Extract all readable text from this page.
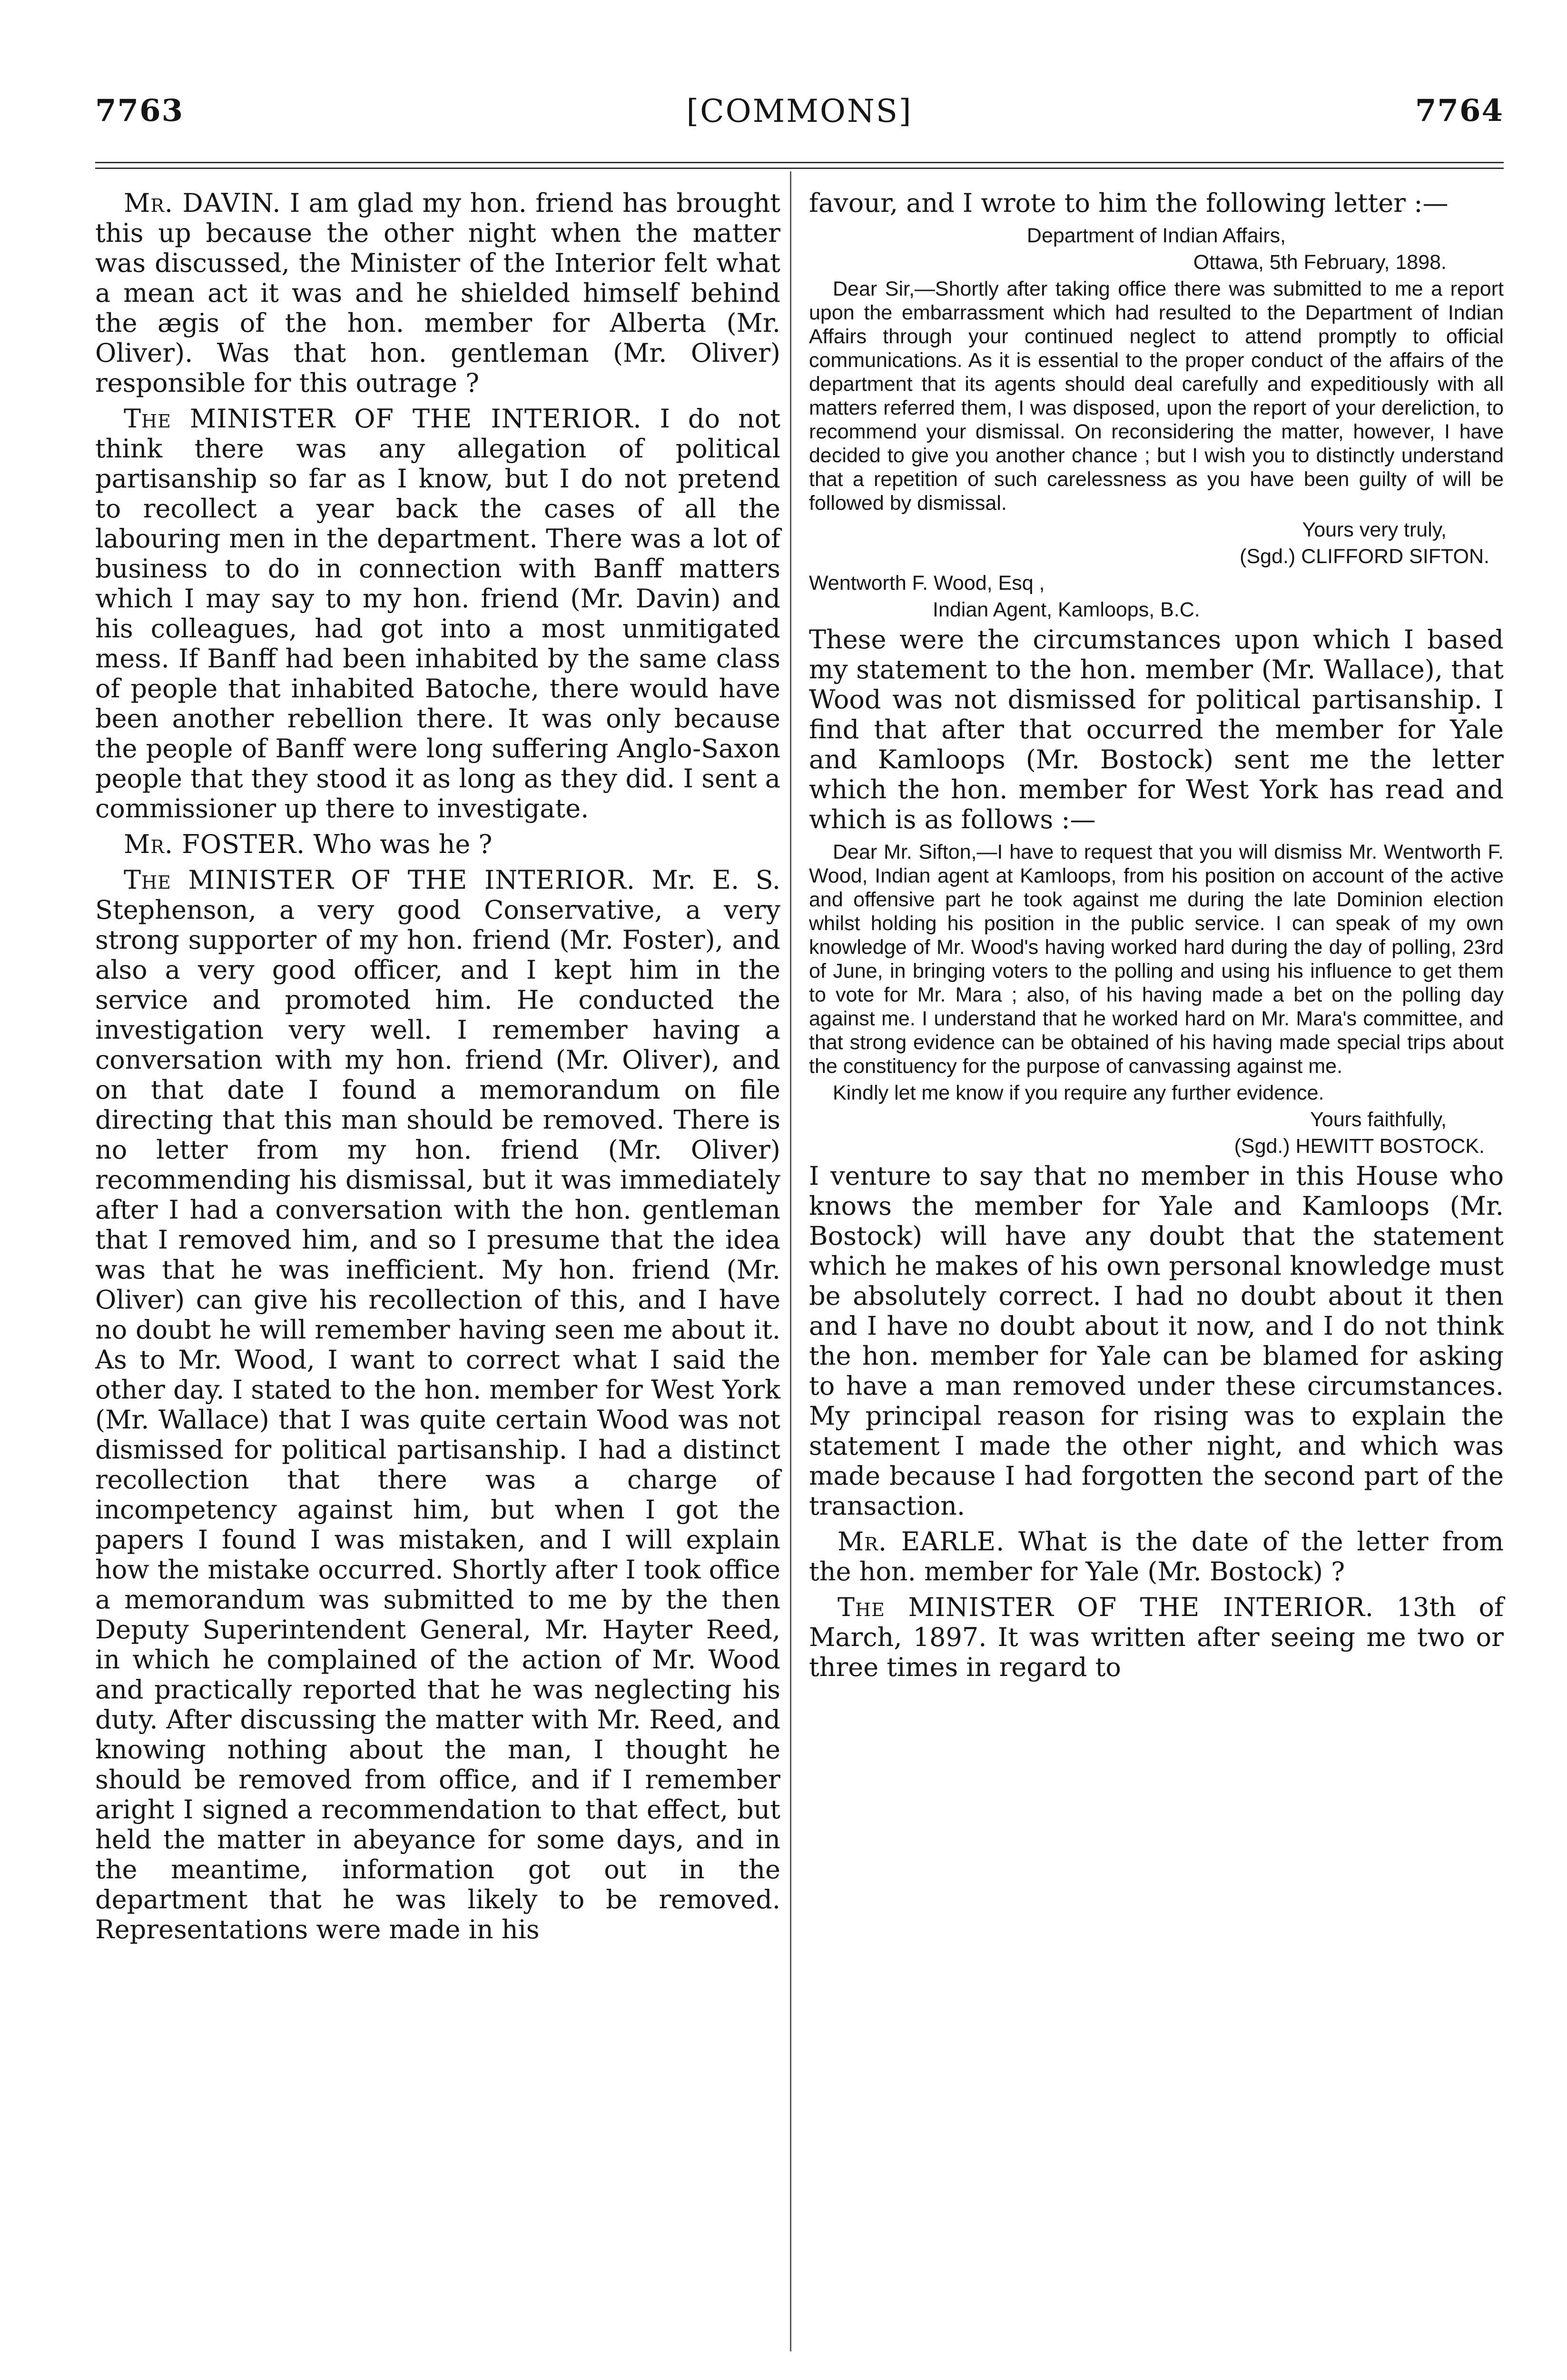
7763	[COMMONS]	7764

Mr. DAVIN. I am glad my hon. friend has brought this up because the other night when the matter was discussed, the Minister of the Interior felt what a mean act it was and he shielded himself behind the ægis of the hon. member for Alberta (Mr. Oliver). Was that hon. gentleman (Mr. Oliver) responsible for this outrage ?

The MINISTER OF THE INTERIOR. I do not think there was any allegation of political partisanship so far as I know, but I do not pretend to recollect a year back the cases of all the labouring men in the department. There was a lot of business to do in connection with Banff matters which I may say to my hon. friend (Mr. Davin) and his colleagues, had got into a most unmitigated mess. If Banff had been inhabited by the same class of people that inhabited Batoche, there would have been another rebellion there. It was only because the people of Banff were long suffering Anglo-Saxon people that they stood it as long as they did. I sent a commissioner up there to investigate.

Mr. FOSTER. Who was he ?

The MINISTER OF THE INTERIOR. Mr. E. S. Stephenson, a very good Conservative, a very strong supporter of my hon. friend (Mr. Foster), and also a very good officer, and I kept him in the service and promoted him. He conducted the investigation very well. I remember having a conversation with my hon. friend (Mr. Oliver), and on that date I found a memorandum on file directing that this man should be removed. There is no letter from my hon. friend (Mr. Oliver) recommending his dismissal, but it was immediately after I had a conversation with the hon. gentleman that I removed him, and so I presume that the idea was that he was inefficient. My hon. friend (Mr. Oliver) can give his recollection of this, and I have no doubt he will remember having seen me about it. As to Mr. Wood, I want to correct what I said the other day. I stated to the hon. member for West York (Mr. Wallace) that I was quite certain Wood was not dismissed for political partisanship. I had a distinct recollection that there was a charge of incompetency against him, but when I got the papers I found I was mistaken, and I will explain how the mistake occurred. Shortly after I took office a memorandum was submitted to me by the then Deputy Superintendent General, Mr. Hayter Reed, in which he complained of the action of Mr. Wood and practically reported that he was neglecting his duty. After discussing the matter with Mr. Reed, and knowing nothing about the man, I thought he should be removed from office, and if I remember aright I signed a recommendation to that effect, but held the matter in abeyance for some days, and in the meantime, information got out in the department that he was likely to be removed. Representations were made in his

favour, and I wrote to him the following letter :—

Department of Indian Affairs,

Ottawa, 5th February, 1898.

Dear Sir,—Shortly after taking office there was submitted to me a report upon the embarrassment which had resulted to the Department of Indian Affairs through your continued neglect to attend promptly to official communications. As it is essential to the proper conduct of the affairs of the department that its agents should deal carefully and expeditiously with all matters referred them, I was disposed, upon the report of your dereliction, to recommend your dismissal. On reconsidering the matter, however, I have decided to give you another chance ; but I wish you to distinctly understand that a repetition of such carelessness as you have been guilty of will be followed by dismissal.

Yours very truly,

(Sgd.) CLIFFORD SIFTON.

Wentworth F. Wood, Esq ,

Indian Agent, Kamloops, B.C.

These were the circumstances upon which I based my statement to the hon. member (Mr. Wallace), that Wood was not dismissed for political partisanship. I find that after that occurred the member for Yale and Kamloops (Mr. Bostock) sent me the letter which the hon. member for West York has read and which is as follows :—

Dear Mr. Sifton,—I have to request that you will dismiss Mr. Wentworth F. Wood, Indian agent at Kamloops, from his position on account of the active and offensive part he took against me during the late Dominion election whilst holding his position in the public service. I can speak of my own knowledge of Mr. Wood's having worked hard during the day of polling, 23rd of June, in bringing voters to the polling and using his influence to get them to vote for Mr. Mara ; also, of his having made a bet on the polling day against me. I understand that he worked hard on Mr. Mara's committee, and that strong evidence can be obtained of his having made special trips about the constituency for the purpose of canvassing against me.

Kindly let me know if you require any further evidence.

Yours faithfully,

(Sgd.) HEWITT BOSTOCK.

I venture to say that no member in this House who knows the member for Yale and Kamloops (Mr. Bostock) will have any doubt that the statement which he makes of his own personal knowledge must be absolutely correct. I had no doubt about it then and I have no doubt about it now, and I do not think the hon. member for Yale can be blamed for asking to have a man removed under these circumstances. My principal reason for rising was to explain the statement I made the other night, and which was made because I had forgotten the second part of the transaction.

Mr. EARLE. What is the date of the letter from the hon. member for Yale (Mr. Bostock) ?

The MINISTER OF THE INTERIOR. 13th of March, 1897. It was written after seeing me two or three times in regard to
